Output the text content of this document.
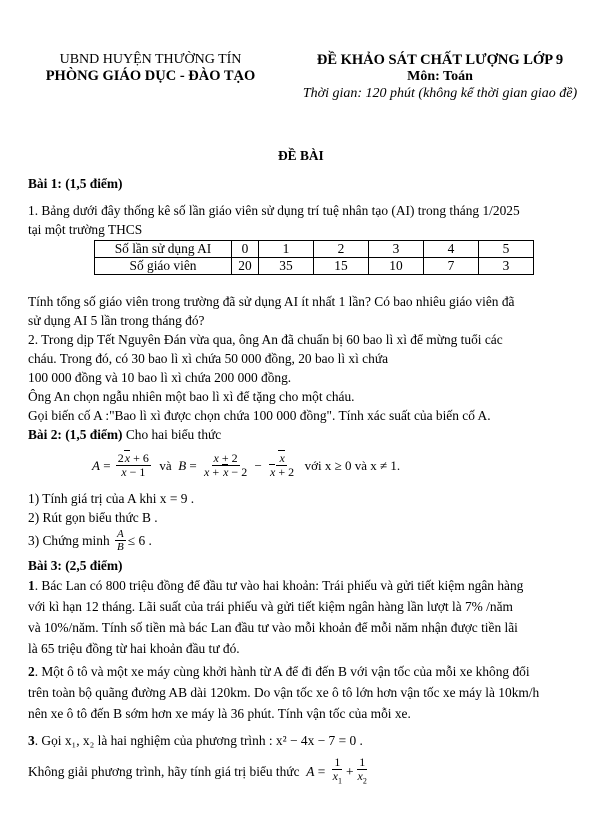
UBND HUYỆN THƯỜNG TÍN
PHÒNG GIÁO DỤC - ĐÀO TẠO
ĐỀ KHẢO SÁT CHẤT LƯỢNG LỚP 9
Môn: Toán
Thời gian: 120 phút (không kể thời gian giao đề)
ĐỀ BÀI
Bài 1: (1,5 điểm)
1. Bảng dưới đây thống kê số lần giáo viên sử dụng trí tuệ nhân tạo (AI) trong tháng 1/2025
tại một trường THCS
Số lần sử dụng AI	0	1	2	3	4	5
Số giáo viên	20	35	15	10	7	3
Tính tổng số giáo viên trong trường đã sử dụng AI ít nhất 1 lần? Có bao nhiêu giáo viên đã
sử dụng AI 5 lần trong tháng đó?
2. Trong dịp Tết Nguyên Đán vừa qua, ông An đã chuẩn bị 60 bao lì xì để mừng tuổi các
cháu. Trong đó, có 30 bao lì xì chứa 50 000 đồng, 20 bao lì xì chứa
100 000 đồng và 10 bao lì xì chứa 200 000 đồng.
Ông An chọn ngẫu nhiên một bao lì xì để tặng cho một cháu.
Gọi biến cố A :"Bao lì xì được chọn chứa 100 000 đồng". Tính xác suất của biến cố A.
Bài 2: (1,5 điểm) Cho hai biểu thức
$A = \frac{2x + 6}{x - 1}$ và $B = \frac{x + 2}{x + x - 2} - \frac{x}{x + 2}$
với x ≥ 0 và x ≠ 1.
1) Tính giá trị của A khi x = 9 .
2) Rút gọn biểu thức B .
3) Chứng minh
$\frac{A}{B} \le 6$ .
Bài 3: (2,5 điểm)
1. Bác Lan có 800 triệu đồng để đầu tư vào hai khoản: Trái phiếu và gửi tiết kiệm ngân hàng
với kì hạn 12 tháng. Lãi suất của trái phiếu và gửi tiết kiệm ngân hàng lần lượt là 7% /năm
và 10%/năm. Tính số tiền mà bác Lan đầu tư vào mỗi khoản để mỗi năm nhận được tiền lãi
là 65 triệu đồng từ hai khoản đầu tư đó.
2. Một ô tô và một xe máy cùng khởi hành từ A để đi đến B với vận tốc của mỗi xe không đổi
trên toàn bộ quãng đường AB dài 120km. Do vận tốc xe ô tô lớn hơn vận tốc xe máy là 10km/h
nên xe ô tô đến B sớm hơn xe máy là 36 phút. Tính vận tốc của mỗi xe.
3. Gọi x₁, x₂ là hai nghiệm của phương trình : x² − 4x − 7 = 0 .
Không giải phương trình, hãy tính giá trị biểu thức
$A = \frac{1}{x_1} + \frac{1}{x_2}$
